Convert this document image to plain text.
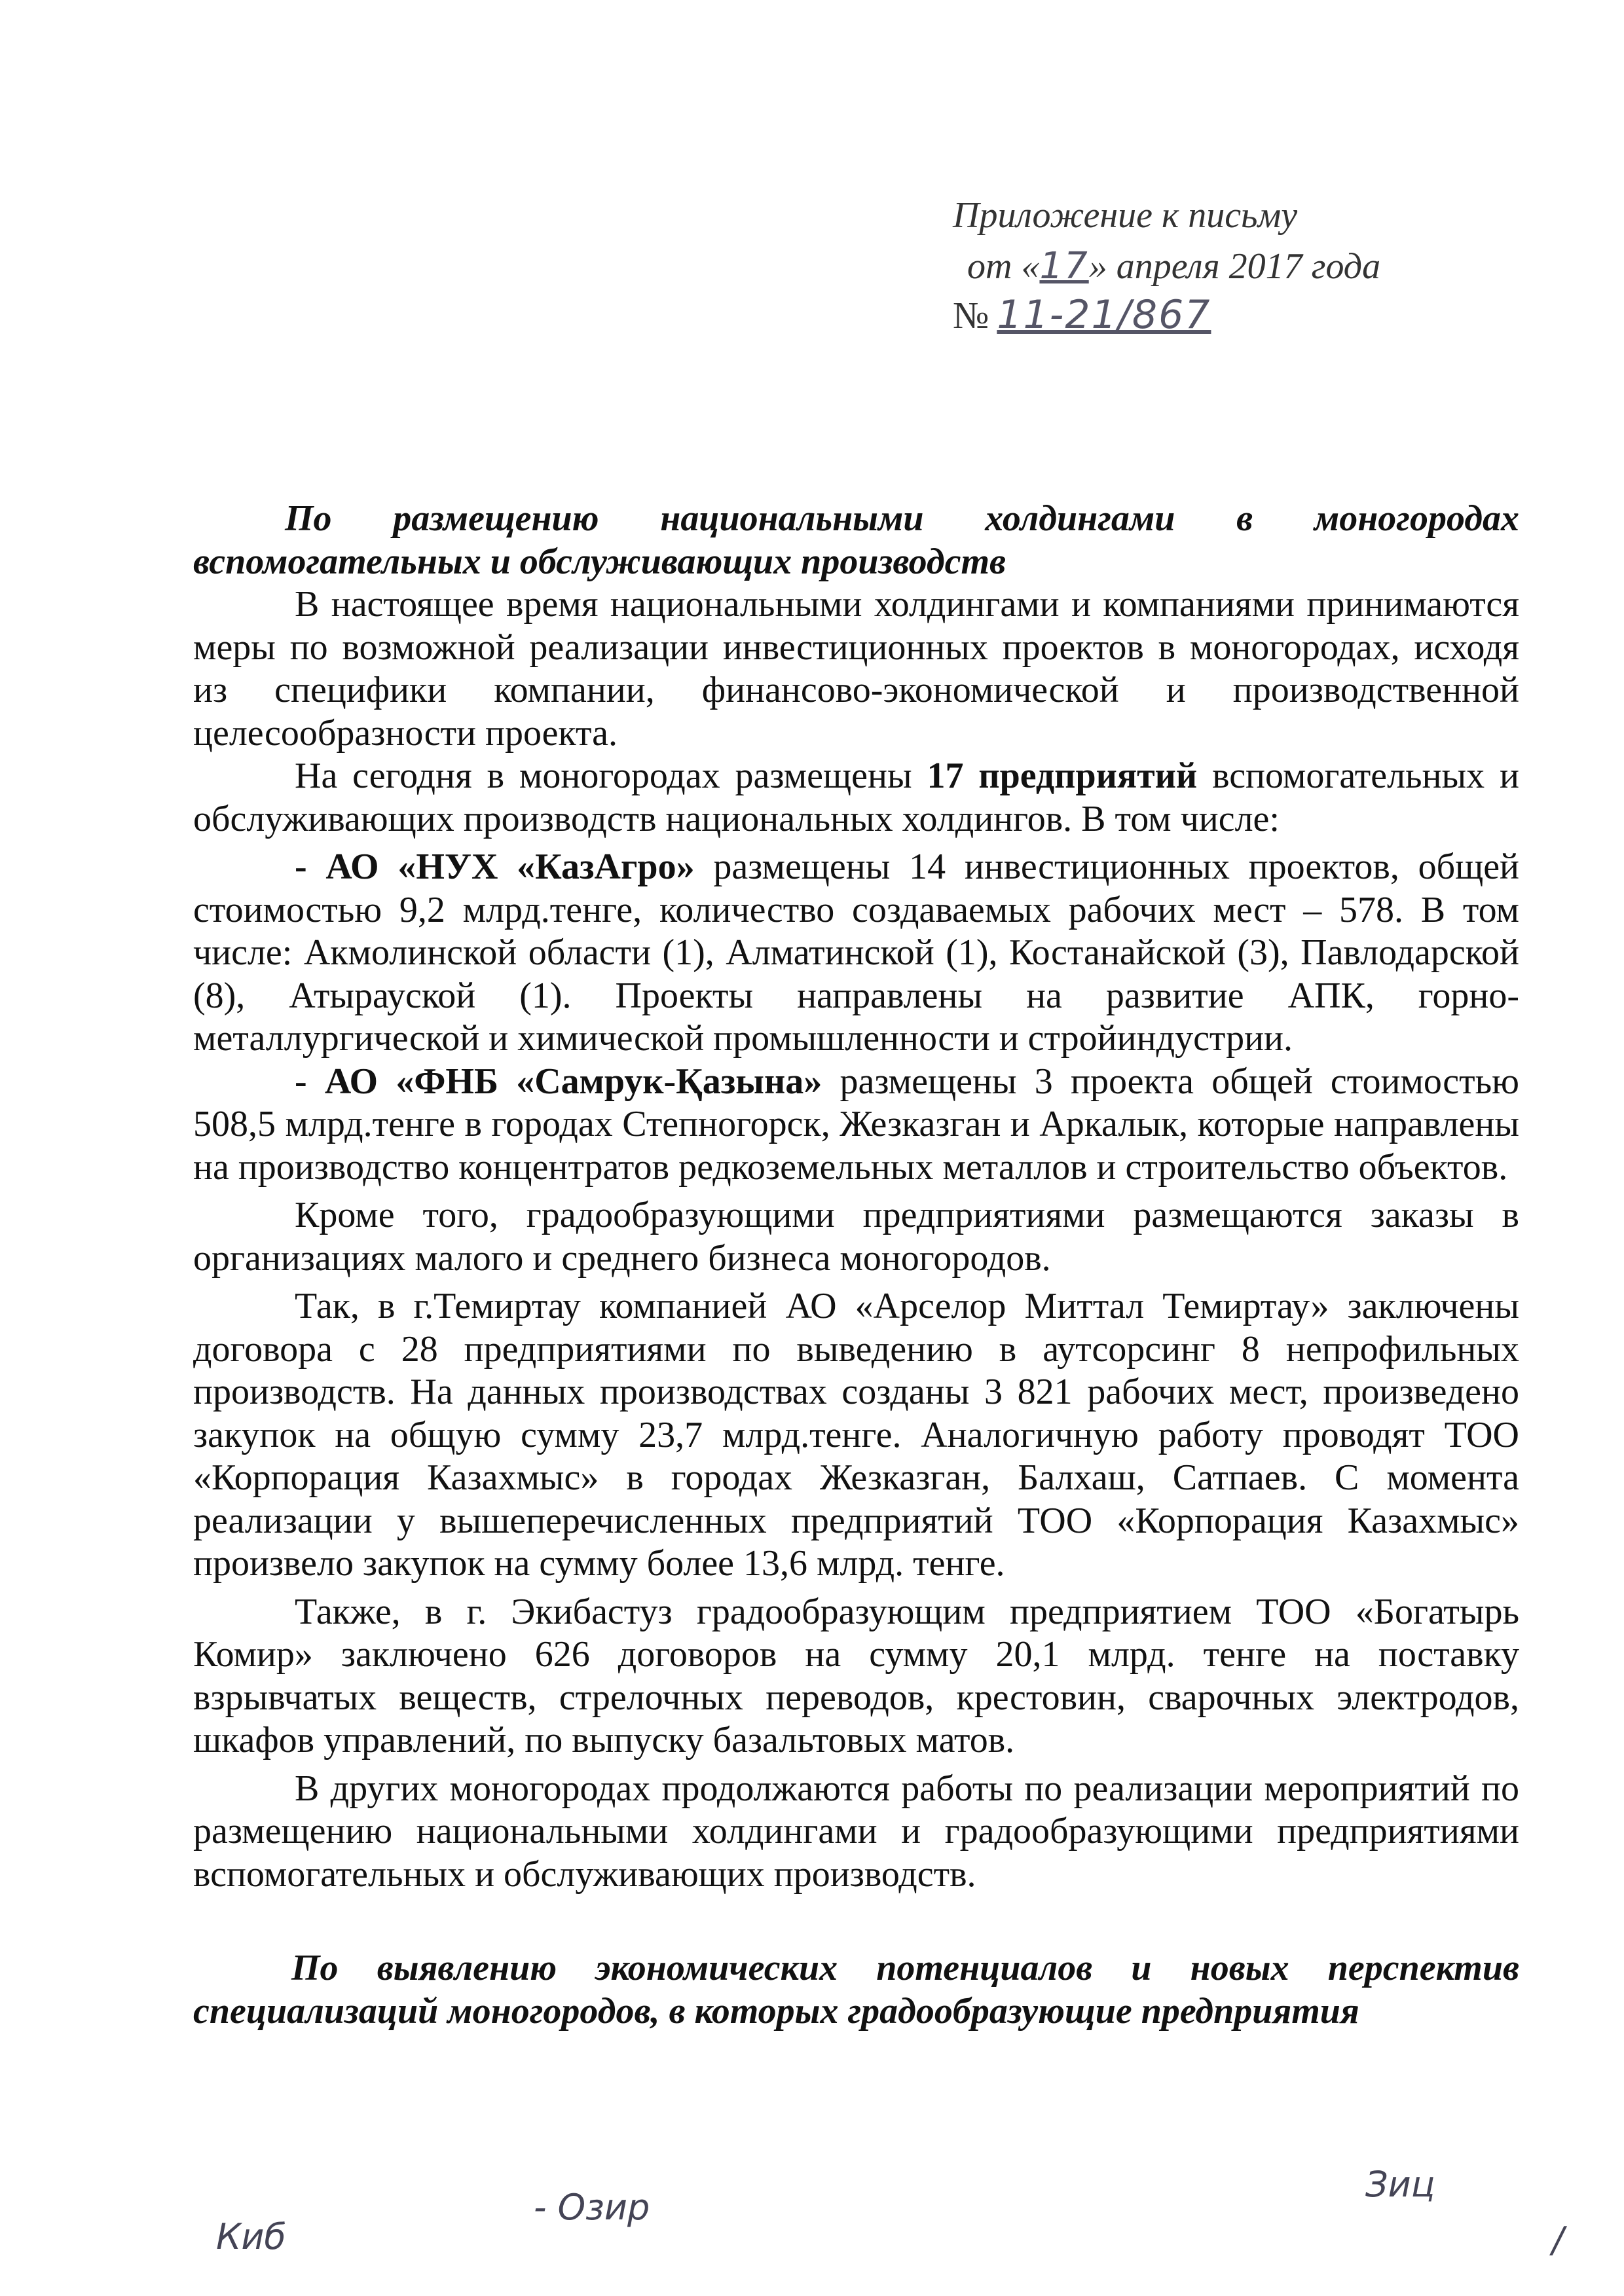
Приложение к письму
от «17» апреля 2017 года
№ 11-21/867

По размещению национальными холдингами в моногородах вспомогательных и обслуживающих производств

В настоящее время национальными холдингами и компаниями принимаются меры по возможной реализации инвестиционных проектов в моногородах, исходя из специфики компании, финансово-экономической и производственной целесообразности проекта.

На сегодня в моногородах размещены 17 предприятий вспомогательных и обслуживающих производств национальных холдингов. В том числе:

- АО «НУХ «КазАгро» размещены 14 инвестиционных проектов, общей стоимостью 9,2 млрд.тенге, количество создаваемых рабочих мест – 578. В том числе: Акмолинской области (1), Алматинской (1), Костанайской (3), Павлодарской (8), Атырауской (1). Проекты направлены на развитие АПК, горно-металлургической и химической промышленности и стройиндустрии.

- АО «ФНБ «Самрук-Қазына» размещены 3 проекта общей стоимостью 508,5 млрд.тенге в городах Степногорск, Жезказган и Аркалык, которые направлены на производство концентратов редкоземельных металлов и строительство объектов.

Кроме того, градообразующими предприятиями размещаются заказы в организациях малого и среднего бизнеса моногородов.

Так, в г.Темиртау компанией АО «Арселор Миттал Темиртау» заключены договора с 28 предприятиями по выведению в аутсорсинг 8 непрофильных производств. На данных производствах созданы 3 821 рабочих мест, произведено закупок на общую сумму 23,7 млрд.тенге. Аналогичную работу проводят ТОО «Корпорация Казахмыс» в городах Жезказган, Балхаш, Сатпаев. С момента реализации у вышеперечисленных предприятий ТОО «Корпорация Казахмыс» произвело закупок на сумму более 13,6 млрд. тенге.

Также, в г. Экибастуз градообразующим предприятием ТОО «Богатырь Комир» заключено 626 договоров на сумму 20,1 млрд. тенге на поставку взрывчатых веществ, стрелочных переводов, крестовин, сварочных электродов, шкафов управлений, по выпуску базальтовых матов.

В других моногородах продолжаются работы по реализации мероприятий по размещению национальными холдингами и градообразующими предприятиями вспомогательных и обслуживающих производств.

По выявлению экономических потенциалов и новых перспектив специализаций моногородов, в которых градообразующие предприятия

Киб
- Озир
Зиц
/
